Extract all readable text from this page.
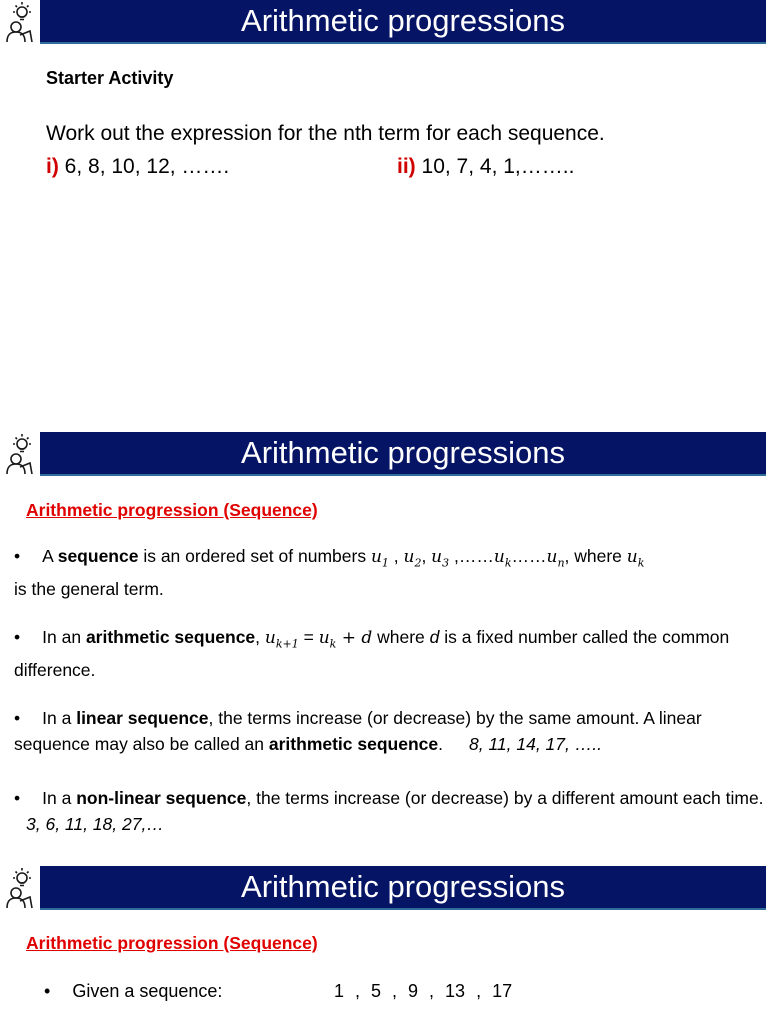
Arithmetic progressions
Starter Activity
Work out the expression for the nth term for each sequence.
i) 6, 8, 10, 12, …….	ii) 10, 7, 4, 1,……..
Arithmetic progressions
Arithmetic progression (Sequence)
• A sequence is an ordered set of numbers $u_1$ , $u_2$, $u_3$ $,\dots\dots u_k\dots\dots u_n$, where $u_k$
is the general term.
• In an arithmetic sequence, $u_{k+1} = u_k + d$ where d is a fixed number called the common difference.
• In a linear sequence, the terms increase (or decrease) by the same amount. A linear sequence may also be called an arithmetic sequence. 8, 11, 14, 17, …..
• In a non-linear sequence, the terms increase (or decrease) by a different amount each time.3, 6, 11, 18, 27,…
Arithmetic progressions
Arithmetic progression (Sequence)
• Given a sequence:	1 , 5 , 9 , 13 , 17
